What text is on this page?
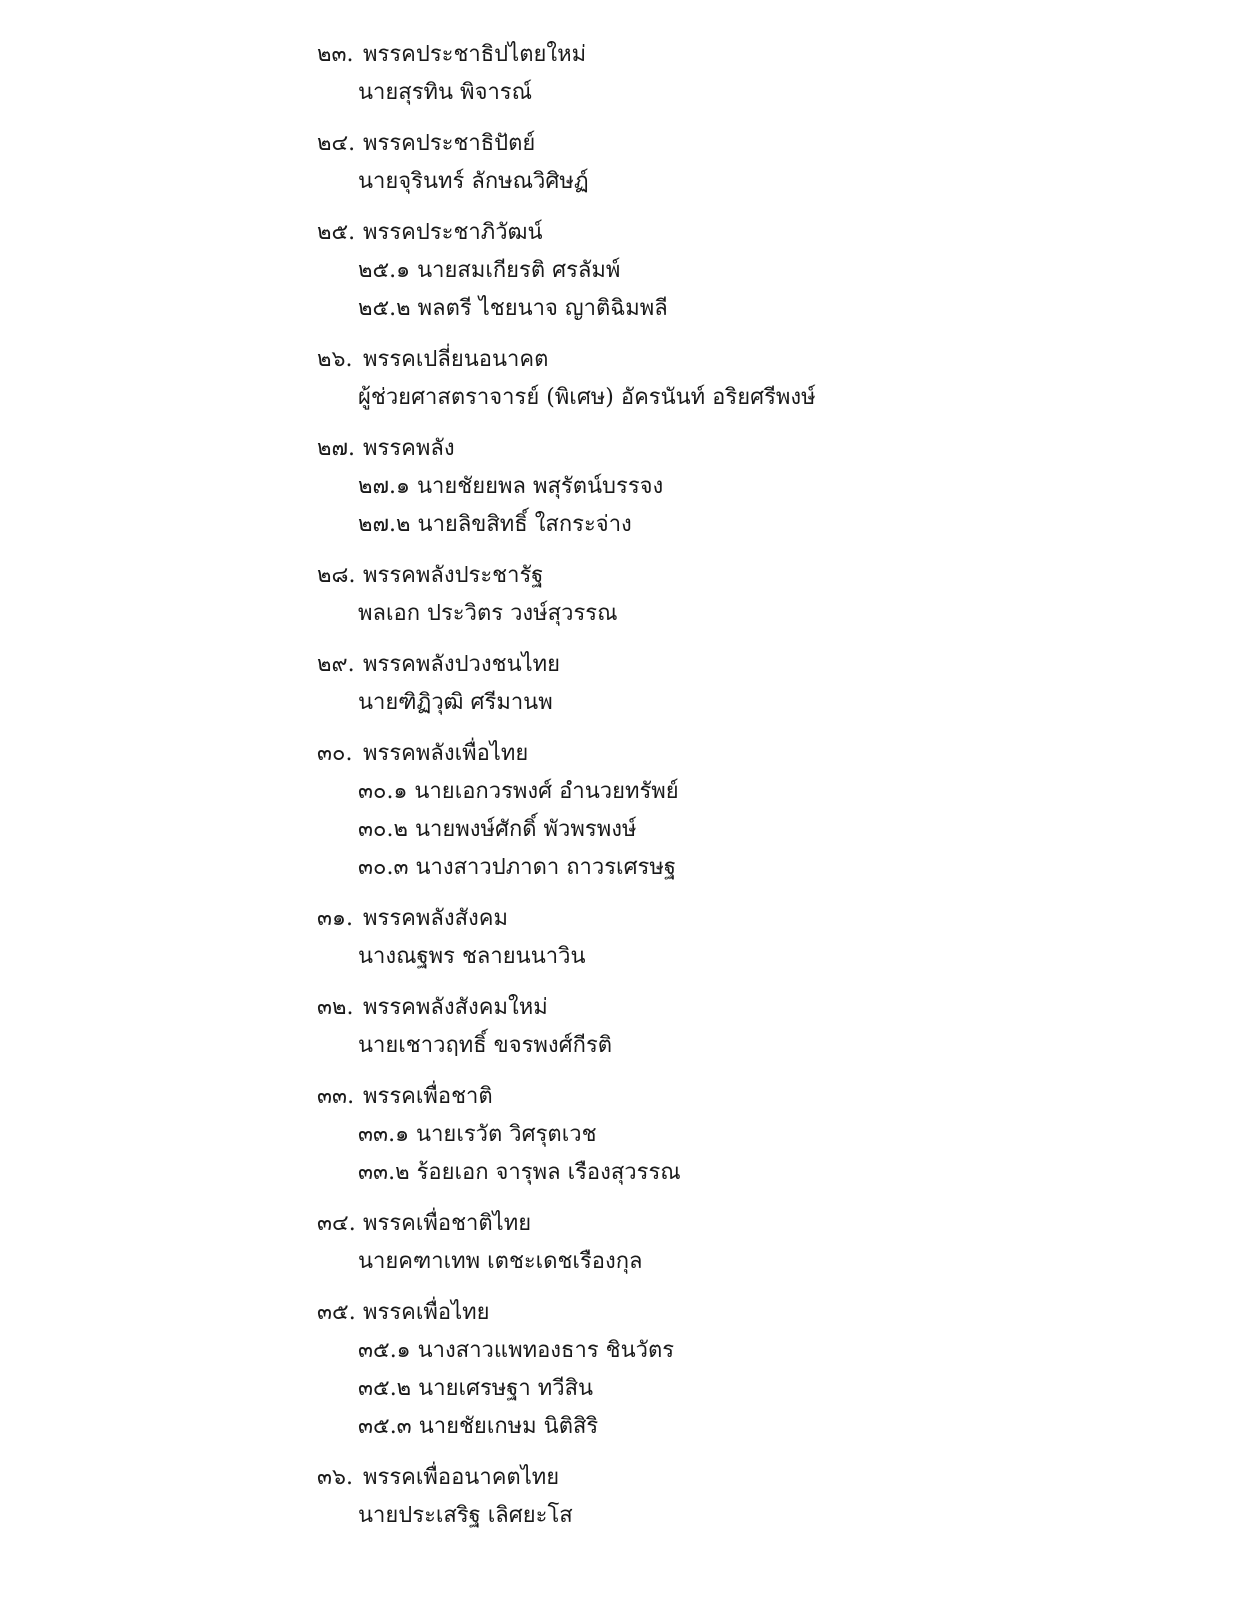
๒๓. พรรคประชาธิปไตยใหม่
นายสุรทิน พิจารณ์
๒๔. พรรคประชาธิปัตย์
นายจุรินทร์ ลักษณวิศิษฏ์
๒๕. พรรคประชาภิวัฒน์
๒๕.๑ นายสมเกียรติ ศรลัมพ์
๒๕.๒ พลตรี ไชยนาจ ญาติฉิมพลี
๒๖. พรรคเปลี่ยนอนาคต
ผู้ช่วยศาสตราจารย์ (พิเศษ) อัครนันท์ อริยศรีพงษ์
๒๗. พรรคพลัง
๒๗.๑ นายชัยยพล พสุรัตน์บรรจง
๒๗.๒ นายลิขสิทธิ์ ใสกระจ่าง
๒๘. พรรคพลังประชารัฐ
พลเอก ประวิตร วงษ์สุวรรณ
๒๙. พรรคพลังปวงชนไทย
นายฑิฏิวุฒิ ศรีมานพ
๓๐. พรรคพลังเพื่อไทย
๓๐.๑ นายเอกวรพงศ์ อำนวยทรัพย์
๓๐.๒ นายพงษ์ศักดิ์ พัวพรพงษ์
๓๐.๓ นางสาวปภาดา ถาวรเศรษฐ
๓๑. พรรคพลังสังคม
นางณฐพร ชลายนนาวิน
๓๒. พรรคพลังสังคมใหม่
นายเชาวฤทธิ์ ขจรพงศ์กีรติ
๓๓. พรรคเพื่อชาติ
๓๓.๑ นายเรวัต วิศรุตเวช
๓๓.๒ ร้อยเอก จารุพล เรืองสุวรรณ
๓๔. พรรคเพื่อชาติไทย
นายคฑาเทพ เตชะเดชเรืองกุล
๓๕. พรรคเพื่อไทย
๓๕.๑ นางสาวแพทองธาร ชินวัตร
๓๕.๒ นายเศรษฐา ทวีสิน
๓๕.๓ นายชัยเกษม นิติสิริ
๓๖. พรรคเพื่ออนาคตไทย
นายประเสริฐ เลิศยะโส
